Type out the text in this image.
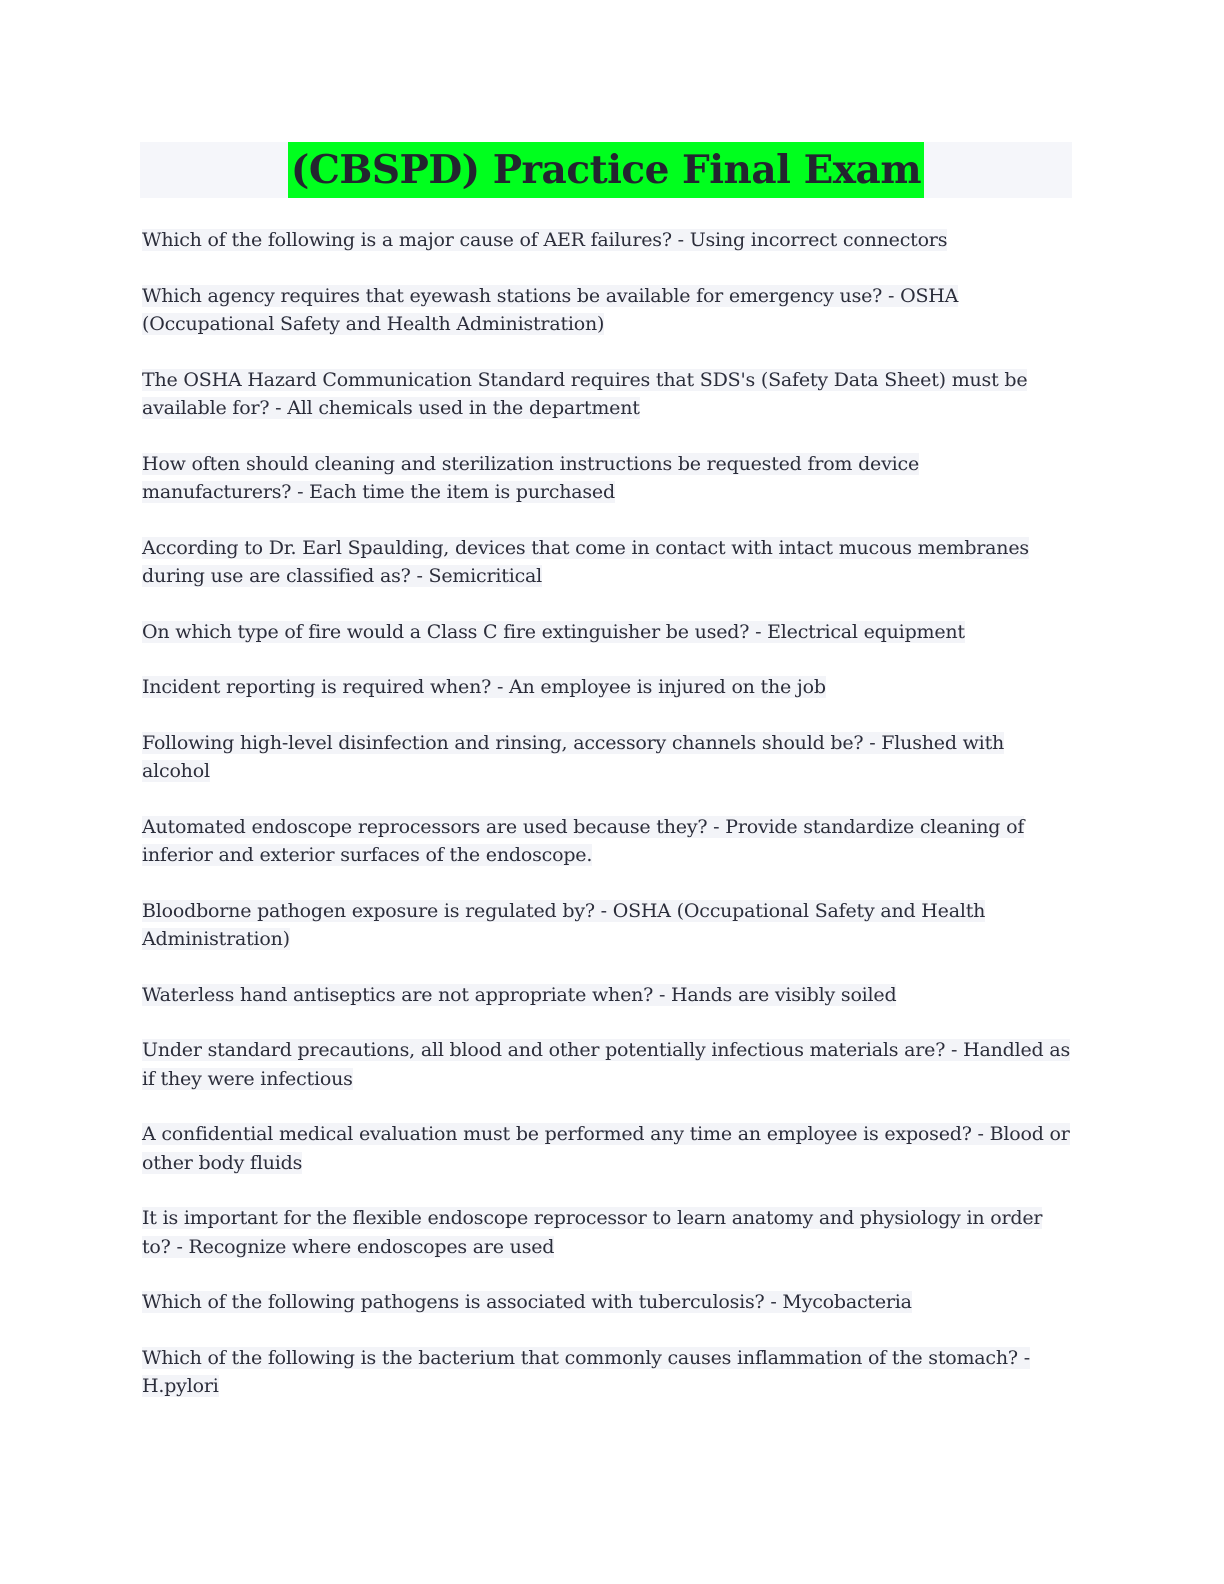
(CBSPD) Practice Final Exam
Which of the following is a major cause of AER failures? - Using incorrect connectors
Which agency requires that eyewash stations be available for emergency use? - OSHA (Occupational Safety and Health Administration)
The OSHA Hazard Communication Standard requires that SDS's (Safety Data Sheet) must be available for? - All chemicals used in the department
How often should cleaning and sterilization instructions be requested from device manufacturers? - Each time the item is purchased
According to Dr. Earl Spaulding, devices that come in contact with intact mucous membranes during use are classified as? - Semicritical
On which type of fire would a Class C fire extinguisher be used? - Electrical equipment
Incident reporting is required when? - An employee is injured on the job
Following high-level disinfection and rinsing, accessory channels should be? - Flushed with alcohol
Automated endoscope reprocessors are used because they? - Provide standardize cleaning of inferior and exterior surfaces of the endoscope.
Bloodborne pathogen exposure is regulated by? - OSHA (Occupational Safety and Health Administration)
Waterless hand antiseptics are not appropriate when? - Hands are visibly soiled
Under standard precautions, all blood and other potentially infectious materials are? - Handled as if they were infectious
A confidential medical evaluation must be performed any time an employee is exposed? - Blood or other body fluids
It is important for the flexible endoscope reprocessor to learn anatomy and physiology in order to? - Recognize where endoscopes are used
Which of the following pathogens is associated with tuberculosis? - Mycobacteria
Which of the following is the bacterium that commonly causes inflammation of the stomach? - H.pylori
